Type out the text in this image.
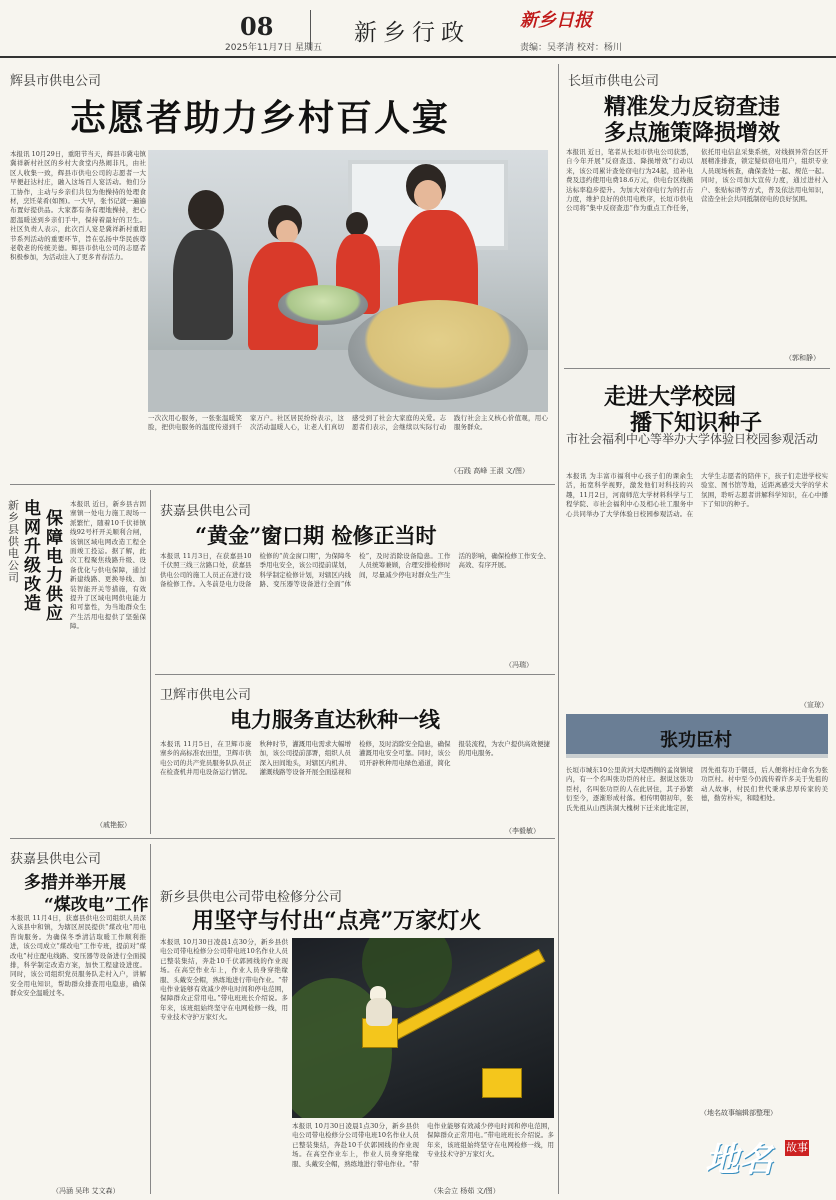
08	新乡行政
2025年11月7日 星期五
新乡日报
责编：吴孝清 校对：杨川
辉县市供电公司
志愿者助力乡村百人宴
本报讯 10月29日，重阳节当天，辉县市冀屯镇冀祥新村社区的乡村大食堂内热闹非凡，由社区人收集一致，辉县市供电公司的志愿者一大早便赶达村庄，融入这场百人宴活动。他们分工协作，主动与乡亲们共包为他操持的处理食材，烹饪菜肴(如图)。一大早，张书记就一遍遍布置好提供品。大家都有条有理地操持，把心愿温暖送到乡亲们手中，保持着最好的卫生。社区负责人表示，此次百人宴是冀祥新村重阳节系列活动的重要环节，旨在弘扬中华民族尊老敬老的传统美德。辉县市供电公司的志愿者积极参加，为活动注入了更多青春活力。
一次次用心服务，一张张温暖笑脸，把供电服务的温度传递到千家万户。社区居民纷纷表示，这次活动温暖人心，让老人们真切感受到了社会大家庭的关爱。志愿者们表示，会继续以实际行动践行社会主义核心价值观，用心服务群众。
（石践 高峰 王淑 文/图）
新乡县供电公司
电网升级改造
保障电力供应
本报讯 近日，新乡县古固寨镇一处电力施工现场一派繁忙，随着10千伏祥镇线92号杆开关顺利合闸，该镇区域电网改造工程全面竣工投运。据了解，此次工程聚焦线路升级、设备优化与供电保障，通过新建线路、更换导线、加装智能开关等措施，有效提升了区域电网供电能力和可靠性，为当地群众生产生活用电提供了坚强保障。
（戚艳振）
获嘉县供电公司
“黄金”窗口期 检修正当时
本报讯 11月3日，在获嘉县10千伏照三线三岔路口处，获嘉县供电公司的施工人员正在进行设备检修工作。入冬前是电力设备检修的“黄金窗口期”，为保障冬季用电安全，该公司提前谋划，科学制定检修计划，对辖区内线路、变压器等设备进行全面“体检”，及时消除设备隐患。工作人员统筹兼顾，合理安排检修时间，尽量减少停电对群众生产生活的影响，确保检修工作安全、高效、有序开展。
（冯瑞）
卫辉市供电公司
电力服务直达秋种一线
本报讯 11月5日，在卫辉市庞寨乡的高标准农田里，卫辉市供电公司的共产党员服务队队员正在检查机井用电设备运行情况。秋种时节，灌溉用电需求大幅增加，该公司提前部署，组织人员深入田间地头，对辖区内机井、灌溉线路等设备开展全面巡视和检修，及时消除安全隐患，确保灌溉用电安全可靠。同时，该公司开辟秋种用电绿色通道，简化报装流程，为农户提供高效便捷的用电服务。
（李毅敏）
获嘉县供电公司
多措并举开展
“煤改电”工作
本报讯 11月4日，获嘉县供电公司组织人员深入该县中和镇，为辖区居民提供“煤改电”用电咨询服务。为确保冬季清洁取暖工作顺利推进，该公司成立“煤改电”工作专班，提前对“煤改电”村庄配电线路、变压器等设备进行全面摸排，科学制定改造方案，加快工程建设进度。同时，该公司组织党员服务队走村入户，讲解安全用电知识，帮助群众排查用电隐患，确保群众安全温暖过冬。
（冯涵 吴玮 艾文森）
新乡县供电公司带电检修分公司
用坚守与付出“点亮”万家灯火
本报讯 10月30日凌晨1点30分，新乡县供电公司带电检修分公司带电班10名作业人员已整装集结，奔赴10千伏郭园线的作业现场。在高空作业车上，作业人员身穿绝缘服、头戴安全帽，熟练地进行带电作业。“带电作业能够有效减少停电时间和停电范围，保障群众正常用电。”带电班班长介绍说。多年来，该班组始终坚守在电网检修一线，用专业技术守护万家灯火。
本报讯 10月30日凌晨1点30分，新乡县供电公司带电检修分公司带电班10名作业人员已整装集结，奔赴10千伏郭园线的作业现场。在高空作业车上，作业人员身穿绝缘服、头戴安全帽，熟练地进行带电作业。“带电作业能够有效减少停电时间和停电范围，保障群众正常用电。”带电班班长介绍说。多年来，该班组始终坚守在电网检修一线，用专业技术守护万家灯火。
（朱会立 杨茹 文/图）
长垣市供电公司
精准发力反窃查违
多点施策降损增效
本报讯 近日，笔者从长垣市供电公司获悉，自今年开展“反窃查违、降损增效”行动以来，该公司累计查处窃电行为24起，追补电费及违约使用电费18.6万元，供电台区线损达标率稳步提升。为加大对窃电行为的打击力度，维护良好的供用电秩序，长垣市供电公司将“集中反窃查违”作为重点工作任务，依托用电信息采集系统，对线损异常台区开展精准排查，锁定疑似窃电用户，组织专业人员现场核查，确保查处一起、规范一起。同时，该公司加大宣传力度，通过进村入户、张贴标语等方式，普及依法用电知识，营造全社会共同抵制窃电的良好氛围。
（郭和静）
走进大学校园
播下知识种子
市社会福利中心等举办大学体验日校园参观活动
本报讯 为丰富市福利中心孩子们的课余生活，拓宽科学视野，激发他们对科技的兴趣，11月2日，河南师范大学材料科学与工程学院、市社会福利中心及相心社工服务中心共同举办了大学体验日校园参观活动。在大学生志愿者的陪伴下，孩子们走进学校实验室、图书馆等地，近距离感受大学的学术氛围，聆听志愿者讲解科学知识，在心中播下了知识的种子。
（宣琼）
张功臣村
长垣市城东10公里黄河大堤西侧的孟岗镇境内，有一个名叫张功臣的村庄。据说这张功臣村，名叫张功臣的人在此居住，其子孙繁衍至今，逐渐形成村落。相传明朝初年，张氏先祖从山西洪洞大槐树下迁来此地定居，因先祖有功于朝廷，后人便将村庄命名为张功臣村。村中至今仍流传着许多关于先祖的动人故事，村民们世代秉承忠厚传家的美德，勤劳朴实，和睦相处。
（地名故事编辑部整理）
地名 故事
